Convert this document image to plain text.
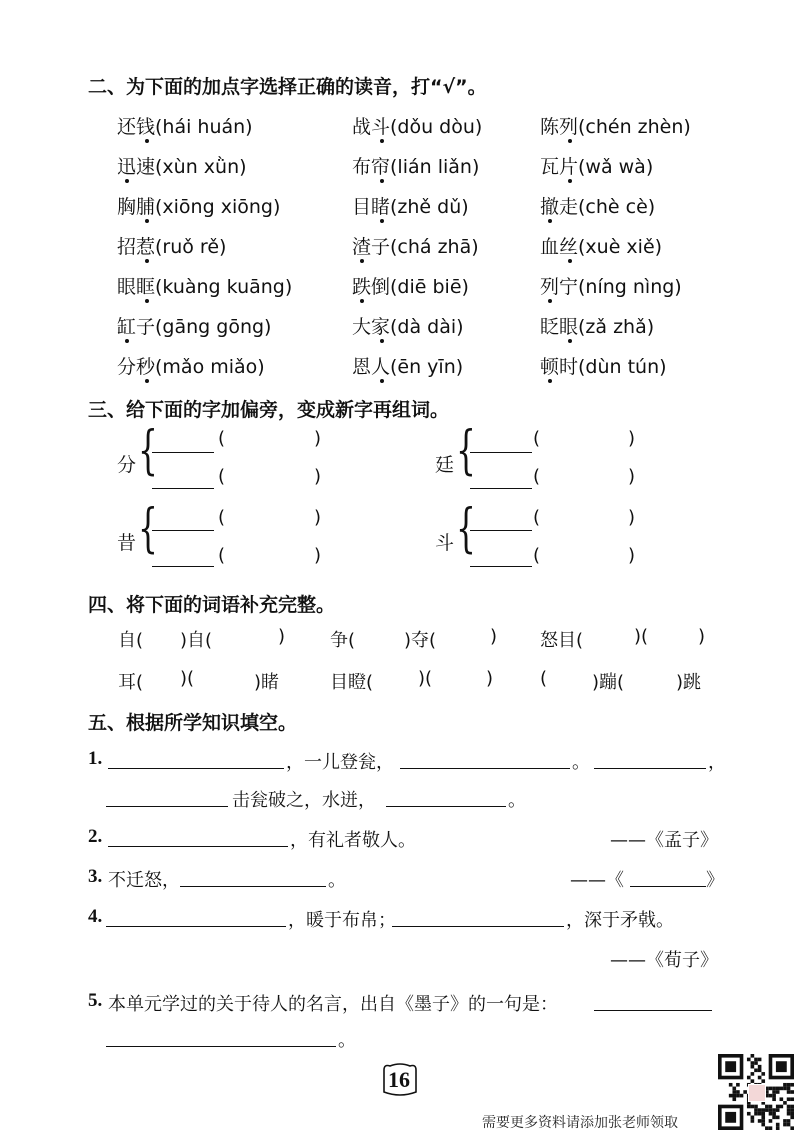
二、为下面的加点字选择正确的读音，打“√”。
还钱(hái huán)	战斗(dǒu dòu)	陈列(chén zhèn)
迅速(xùn xǜn)	布帘(lián liǎn)	瓦片(wǎ wà)
胸脯(xiōng xiōng)	目睹(zhě dǔ)	撤走(chè cè)
招惹(ruǒ rě)	渣子(chá zhā)	血丝(xuè xiě)
眼眶(kuàng kuāng)	跌倒(diē biē)	列宁(níng nìng)
缸子(gāng gōng)	大家(dà dài)	眨眼(zǎ zhǎ)
分秒(mǎo miǎo)	恩人(ēn yīn)	顿时(dùn tún)
三、给下面的字加偏旁，变成新字再组词。
分 {	(	)
(	)
廷 {	(	)
(	)
昔 {	(	)
(	)
斗 {	(	)
(	)
四、将下面的词语补充完整。
自( )自(	) 争(	)夺(	) 怒目(	)(	)
耳( )(	)睹	目瞪( )(	)	( )蹦(	)跳
五、根据所学知识填空。
1.	，一儿登瓮，	。	，
击瓮破之，水迸，	。
2.	，有礼者敬人。	——《孟子》
3. 不迁怒，	。	——《	》
4.	，暖于布帛；	，深于矛戟。
——《荀子》
5. 本单元学过的关于待人的名言，出自《墨子》的一句是：
。
16
需要更多资料请添加张老师领取
